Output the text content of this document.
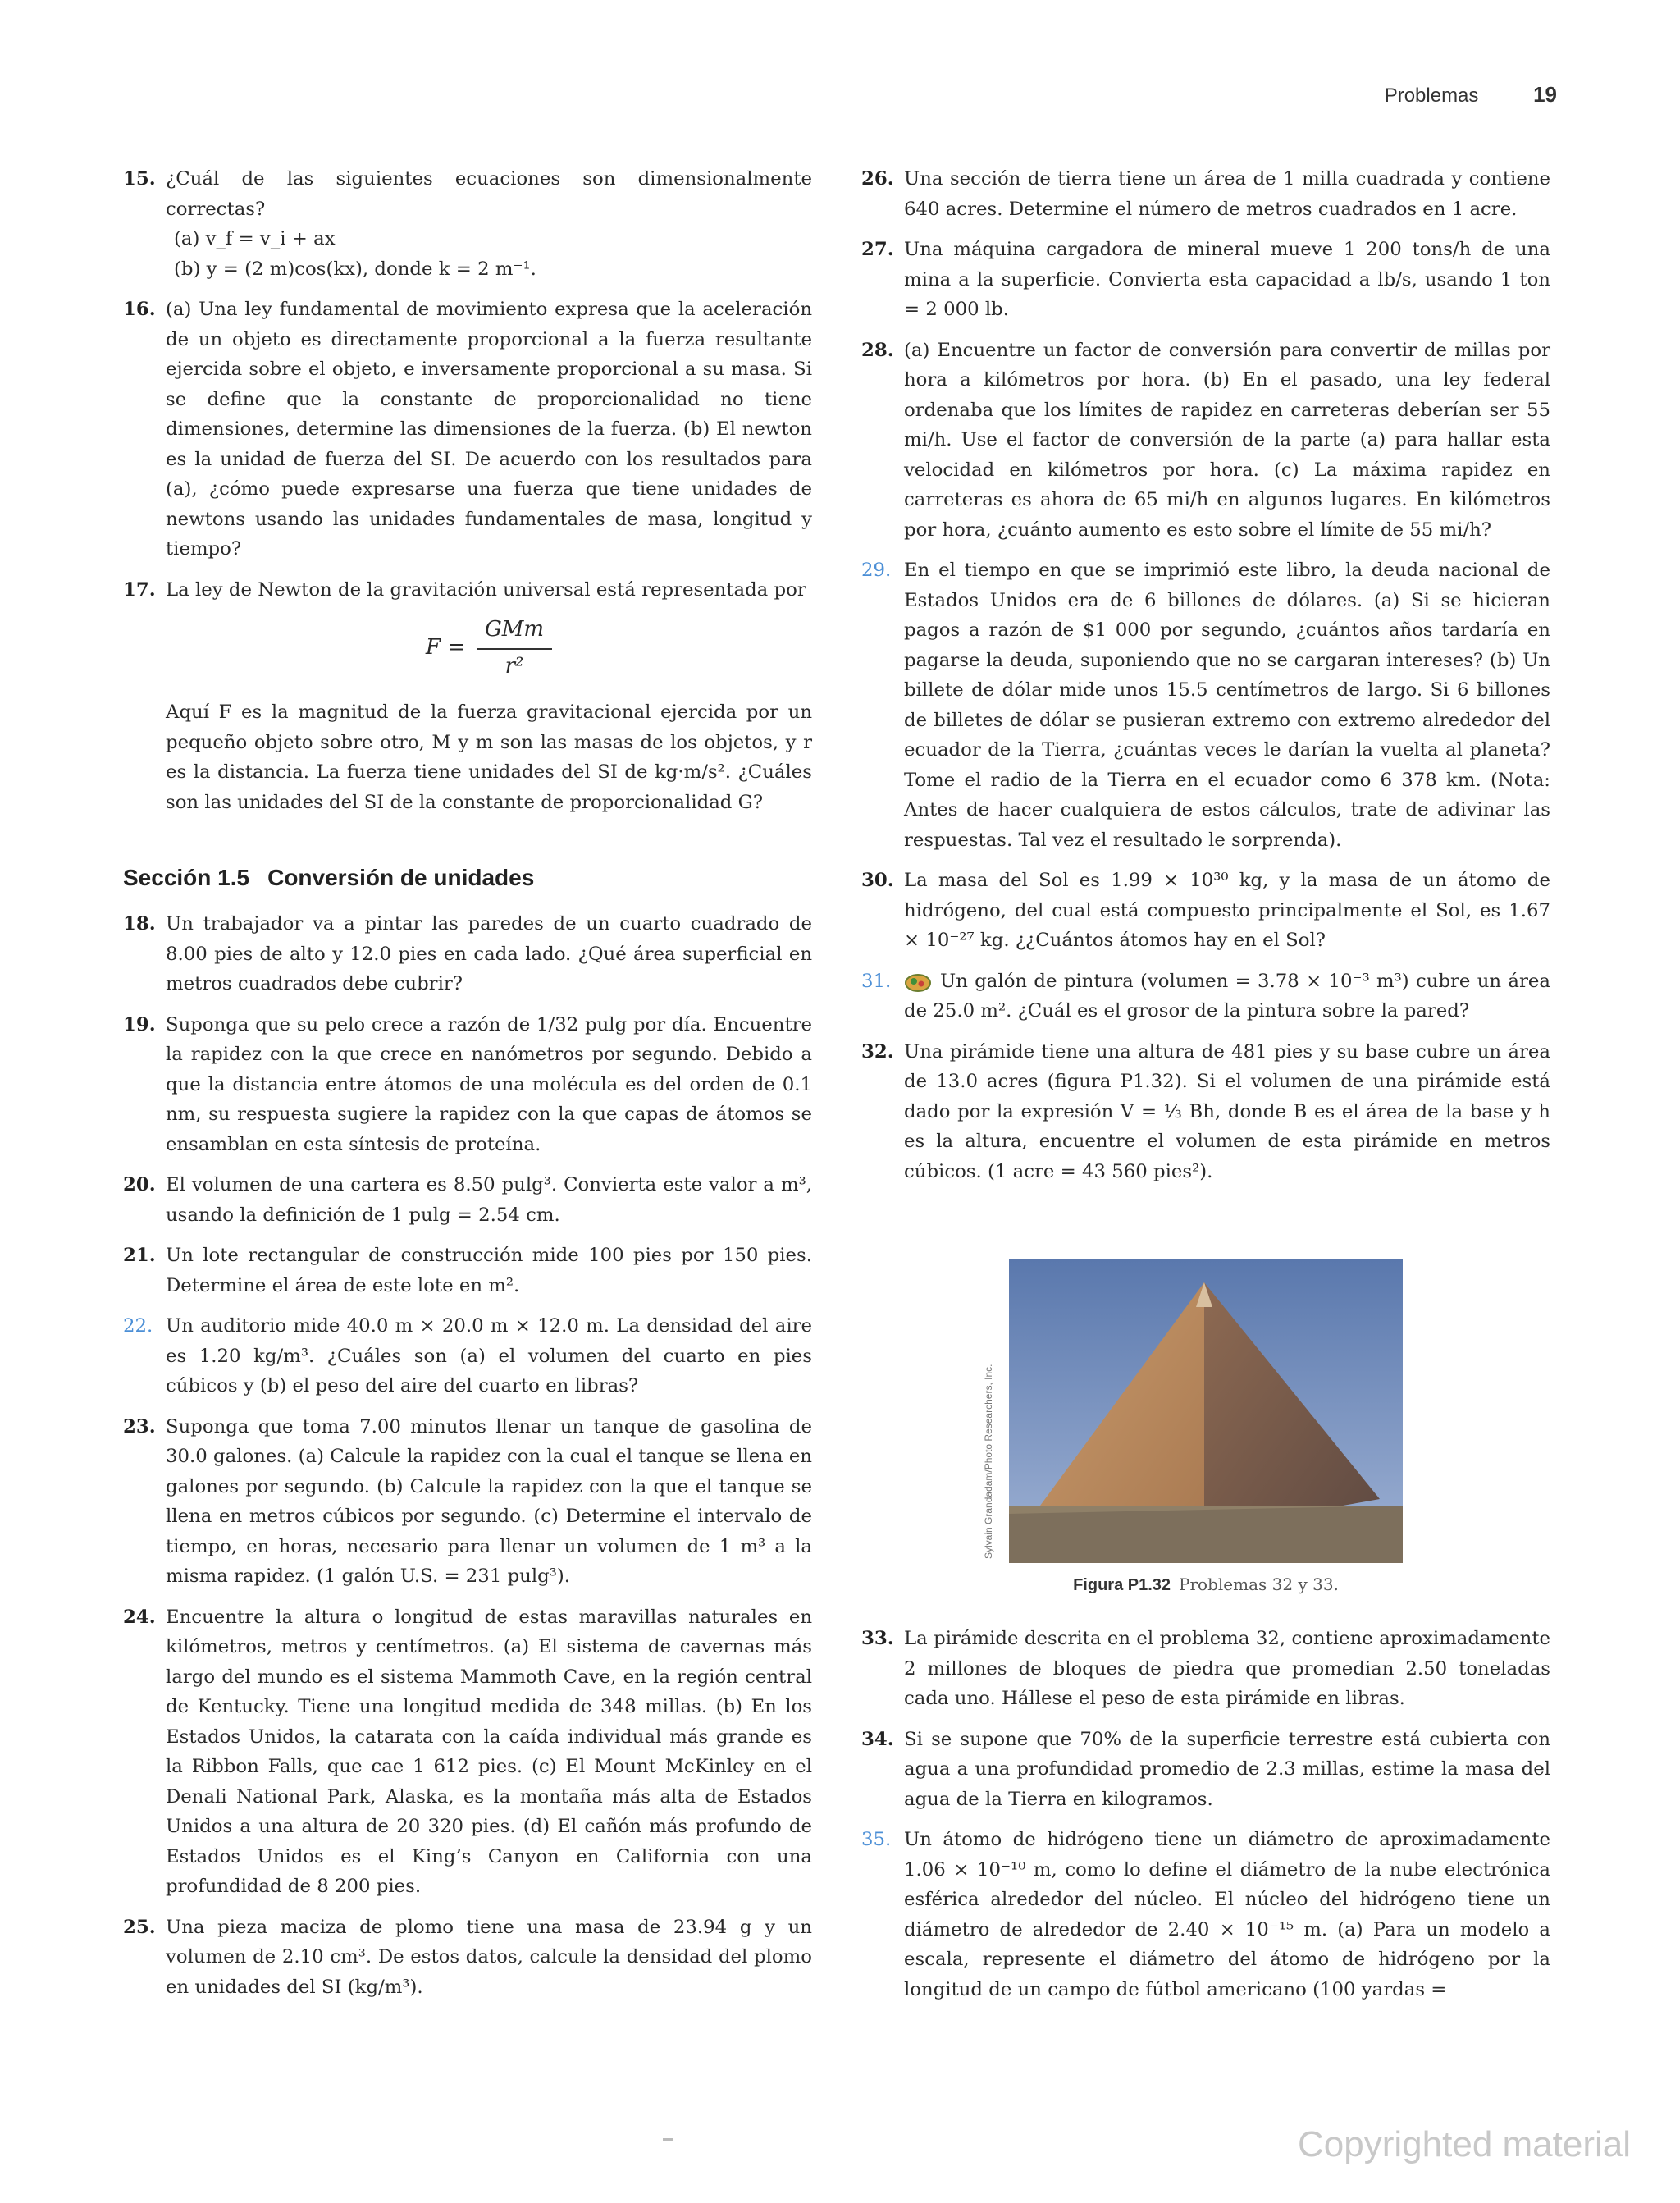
Problemas	19
15. ¿Cuál de las siguientes ecuaciones son dimensionalmente correctas?
(a) v_f = v_i + ax
(b) y = (2 m)cos(kx), donde k = 2 m⁻¹.
16. (a) Una ley fundamental de movimiento expresa que la aceleración de un objeto es directamente proporcional a la fuerza resultante ejercida sobre el objeto, e inversamente proporcional a su masa. Si se define que la constante de proporcionalidad no tiene dimensiones, determine las dimensiones de la fuerza. (b) El newton es la unidad de fuerza del SI. De acuerdo con los resultados para (a), ¿cómo puede expresarse una fuerza que tiene unidades de newtons usando las unidades fundamentales de masa, longitud y tiempo?
17. La ley de Newton de la gravitación universal está representada por
$F = \frac{\text{GMm}}{\text{r²}}$
Aquí F es la magnitud de la fuerza gravitacional ejercida por un pequeño objeto sobre otro, M y m son las masas de los objetos, y r es la distancia. La fuerza tiene unidades del SI de kg·m/s². ¿Cuáles son las unidades del SI de la constante de proporcionalidad G?
Sección 1.5 Conversión de unidades
18. Un trabajador va a pintar las paredes de un cuarto cuadrado de 8.00 pies de alto y 12.0 pies en cada lado. ¿Qué área superficial en metros cuadrados debe cubrir?
19. Suponga que su pelo crece a razón de 1/32 pulg por día. Encuentre la rapidez con la que crece en nanómetros por segundo. Debido a que la distancia entre átomos de una molécula es del orden de 0.1 nm, su respuesta sugiere la rapidez con la que capas de átomos se ensamblan en esta síntesis de proteína.
20. El volumen de una cartera es 8.50 pulg³. Convierta este valor a m³, usando la definición de 1 pulg = 2.54 cm.
21. Un lote rectangular de construcción mide 100 pies por 150 pies. Determine el área de este lote en m².
22. Un auditorio mide 40.0 m × 20.0 m × 12.0 m. La densidad del aire es 1.20 kg/m³. ¿Cuáles son (a) el volumen del cuarto en pies cúbicos y (b) el peso del aire del cuarto en libras?
23. Suponga que toma 7.00 minutos llenar un tanque de gasolina de 30.0 galones. (a) Calcule la rapidez con la cual el tanque se llena en galones por segundo. (b) Calcule la rapidez con la que el tanque se llena en metros cúbicos por segundo. (c) Determine el intervalo de tiempo, en horas, necesario para llenar un volumen de 1 m³ a la misma rapidez. (1 galón U.S. = 231 pulg³).
24. Encuentre la altura o longitud de estas maravillas naturales en kilómetros, metros y centímetros. (a) El sistema de cavernas más largo del mundo es el sistema Mammoth Cave, en la región central de Kentucky. Tiene una longitud medida de 348 millas. (b) En los Estados Unidos, la catarata con la caída individual más grande es la Ribbon Falls, que cae 1 612 pies. (c) El Mount McKinley en el Denali National Park, Alaska, es la montaña más alta de Estados Unidos a una altura de 20 320 pies. (d) El cañón más profundo de Estados Unidos es el King’s Canyon en California con una profundidad de 8 200 pies.
25. Una pieza maciza de plomo tiene una masa de 23.94 g y un volumen de 2.10 cm³. De estos datos, calcule la densidad del plomo en unidades del SI (kg/m³).
26. Una sección de tierra tiene un área de 1 milla cuadrada y contiene 640 acres. Determine el número de metros cuadrados en 1 acre.
27. Una máquina cargadora de mineral mueve 1 200 tons/h de una mina a la superficie. Convierta esta capacidad a lb/s, usando 1 ton = 2 000 lb.
28. (a) Encuentre un factor de conversión para convertir de millas por hora a kilómetros por hora. (b) En el pasado, una ley federal ordenaba que los límites de rapidez en carreteras deberían ser 55 mi/h. Use el factor de conversión de la parte (a) para hallar esta velocidad en kilómetros por hora. (c) La máxima rapidez en carreteras es ahora de 65 mi/h en algunos lugares. En kilómetros por hora, ¿cuánto aumento es esto sobre el límite de 55 mi/h?
29. En el tiempo en que se imprimió este libro, la deuda nacional de Estados Unidos era de 6 billones de dólares. (a) Si se hicieran pagos a razón de $1 000 por segundo, ¿cuántos años tardaría en pagarse la deuda, suponiendo que no se cargaran intereses? (b) Un billete de dólar mide unos 15.5 centímetros de largo. Si 6 billones de billetes de dólar se pusieran extremo con extremo alrededor del ecuador de la Tierra, ¿cuántas veces le darían la vuelta al planeta? Tome el radio de la Tierra en el ecuador como 6 378 km. (Nota: Antes de hacer cualquiera de estos cálculos, trate de adivinar las respuestas. Tal vez el resultado le sorprenda).
30. La masa del Sol es 1.99 × 10³⁰ kg, y la masa de un átomo de hidrógeno, del cual está compuesto principalmente el Sol, es 1.67 × 10⁻²⁷ kg. ¿¿Cuántos átomos hay en el Sol?
31.	Un galón de pintura (volumen = 3.78 × 10⁻³ m³) cubre un área de 25.0 m². ¿Cuál es el grosor de la pintura sobre la pared?
32. Una pirámide tiene una altura de 481 pies y su base cubre un área de 13.0 acres (figura P1.32). Si el volumen de una pirámide está dado por la expresión V = ⅓ Bh, donde B es el área de la base y h es la altura, encuentre el volumen de esta pirámide en metros cúbicos. (1 acre = 43 560 pies²).
33. La pirámide descrita en el problema 32, contiene aproximadamente 2 millones de bloques de piedra que promedian 2.50 toneladas cada uno. Hállese el peso de esta pirámide en libras.
34. Si se supone que 70% de la superficie terrestre está cubierta con agua a una profundidad promedio de 2.3 millas, estime la masa del agua de la Tierra en kilogramos.
35. Un átomo de hidrógeno tiene un diámetro de aproximadamente 1.06 × 10⁻¹⁰ m, como lo define el diámetro de la nube electrónica esférica alrededor del núcleo. El núcleo del hidrógeno tiene un diámetro de alrededor de 2.40 × 10⁻¹⁵ m. (a) Para un modelo a escala, represente el diámetro del átomo de hidrógeno por la longitud de un campo de fútbol americano (100 yardas =
Sylvain Grandadam/Photo Researchers, Inc.
Figura P1.32 Problemas 32 y 33.
Copyrighted material
